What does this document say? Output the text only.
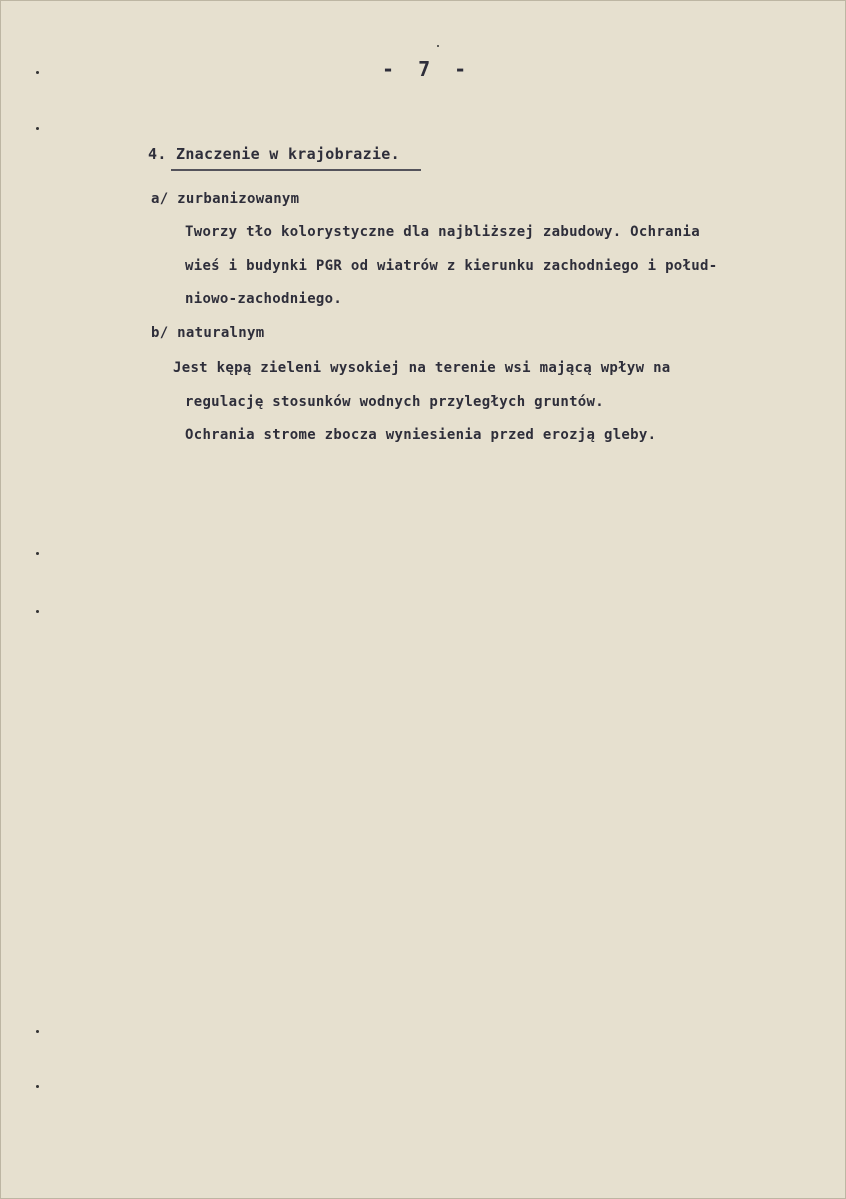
- 7 -
4. Znaczenie w krajobrazie.
a/ zurbanizowanym
Tworzy tło kolorystyczne dla najbliższej zabudowy. Ochrania
wieś i budynki PGR od wiatrów z kierunku zachodniego i połud-
niowo-zachodniego.
b/ naturalnym
Jest kępą zieleni wysokiej na terenie wsi mającą wpływ na
regulację stosunków wodnych przyległych gruntów.
Ochrania strome zbocza wyniesienia przed erozją gleby.
